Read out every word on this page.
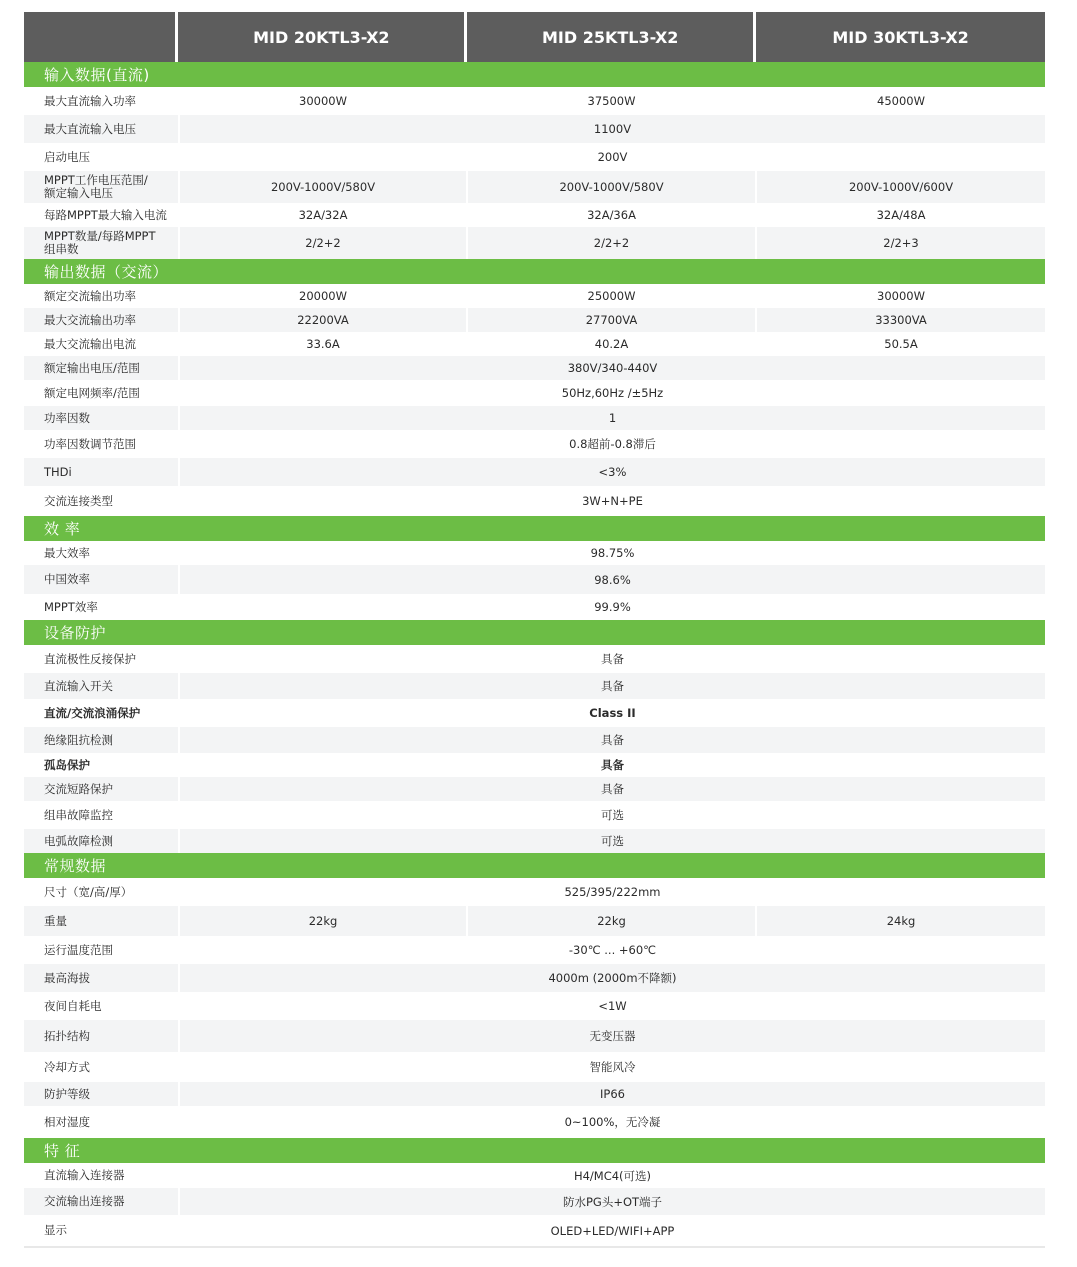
MID 20KTL3-X2	MID 25KTL3-X2	MID 30KTL3-X2
输入数据(直流)
最大直流输入功率	30000W	37500W	45000W
最大直流输入电压	1100V
启动电压	200V
MPPT工作电压范围/
额定输入电压	200V-1000V/580V	200V-1000V/580V	200V-1000V/600V
每路MPPT最大输入电流	32A/32A	32A/36A	32A/48A
MPPT数量/每路MPPT
组串数	2/2+2	2/2+2	2/2+3
输出数据（交流）
额定交流输出功率	20000W	25000W	30000W
最大交流输出功率	22200VA	27700VA	33300VA
最大交流输出电流	33.6A	40.2A	50.5A
额定输出电压/范围	380V/340-440V
额定电网频率/范围	50Hz,60Hz /±5Hz
功率因数	1
功率因数调节范围	0.8超前-0.8滞后
THDi	<3%
交流连接类型	3W+N+PE
效 率
最大效率	98.75%
中国效率	98.6%
MPPT效率	99.9%
设备防护
直流极性反接保护	具备
直流输入开关	具备
直流/交流浪涌保护	Class II
绝缘阻抗检测	具备
孤岛保护	具备
交流短路保护	具备
组串故障监控	可选
电弧故障检测	可选
常规数据
尺寸（宽/高/厚）	525/395/222mm
重量	22kg	22kg	24kg
运行温度范围	-30℃ ... +60℃
最高海拔	4000m (2000m不降额)
夜间自耗电	<1W
拓扑结构	无变压器
冷却方式	智能风冷
防护等级	IP66
相对湿度	0~100%，无冷凝
特 征
直流输入连接器	H4/MC4(可选)
交流输出连接器	防水PG头+OT端子
显示	OLED+LED/WIFI+APP
